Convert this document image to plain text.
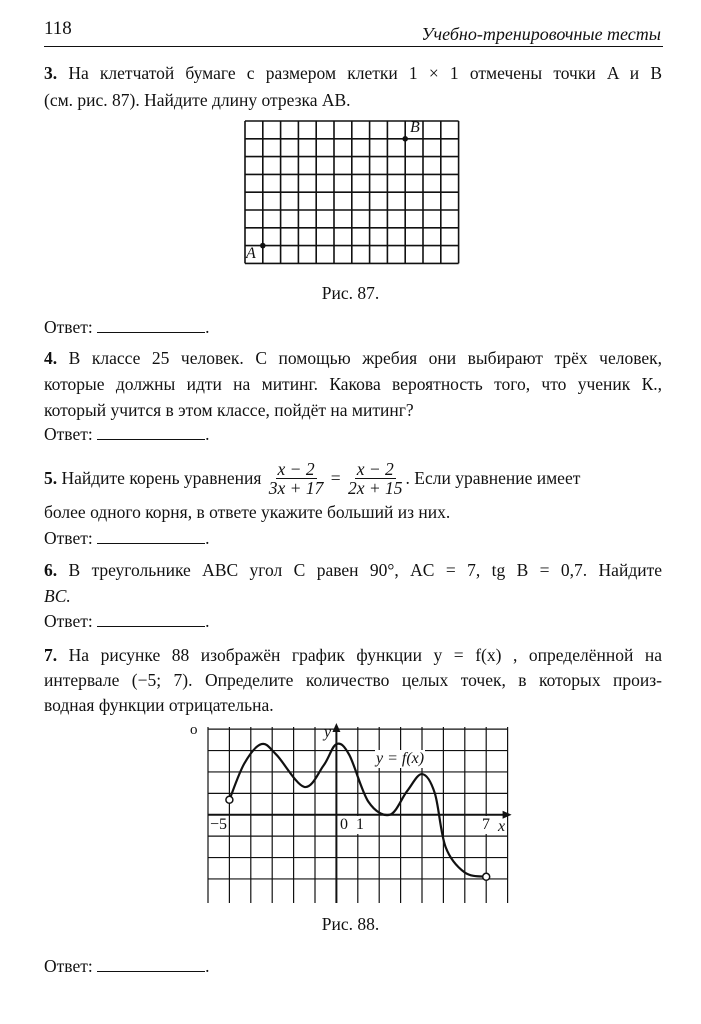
118	Учебно-тренировочные тесты
3. На клетчатой бумаге с размером клетки 1 × 1 отмечены точки A и B
(см. рис. 87). Найдите длину отрезка AB.
A
B
Рис. 87.
Ответ:	.
4. В классе 25 человек. С помощью жребия они выбирают трёх человек,
которые должны идти на митинг. Какова вероятность того, что ученик К.,
который учится в этом классе, пойдёт на митинг?
Ответ:	.
5.
Найдите корень уравнения
$\frac{x - 2}{3x + 17}$
=
$\frac{x - 2}{2x + 15}$ . Если уравнение имеет
более одного корня, в ответе укажите больший из них.
Ответ:	.
6. В треугольнике ABC угол C равен 90°, AC = 7, tg B = 0,7. Найдите
BC.
Ответ:	.
7. На рисунке 88 изображён график функции y = f(x) , определённой на
интервале (−5; 7). Определите количество целых точек, в которых произ-
водная функции отрицательна.
o	y
x
y = f(x)
−5	0 1	7
Рис. 88.
Ответ:	.
